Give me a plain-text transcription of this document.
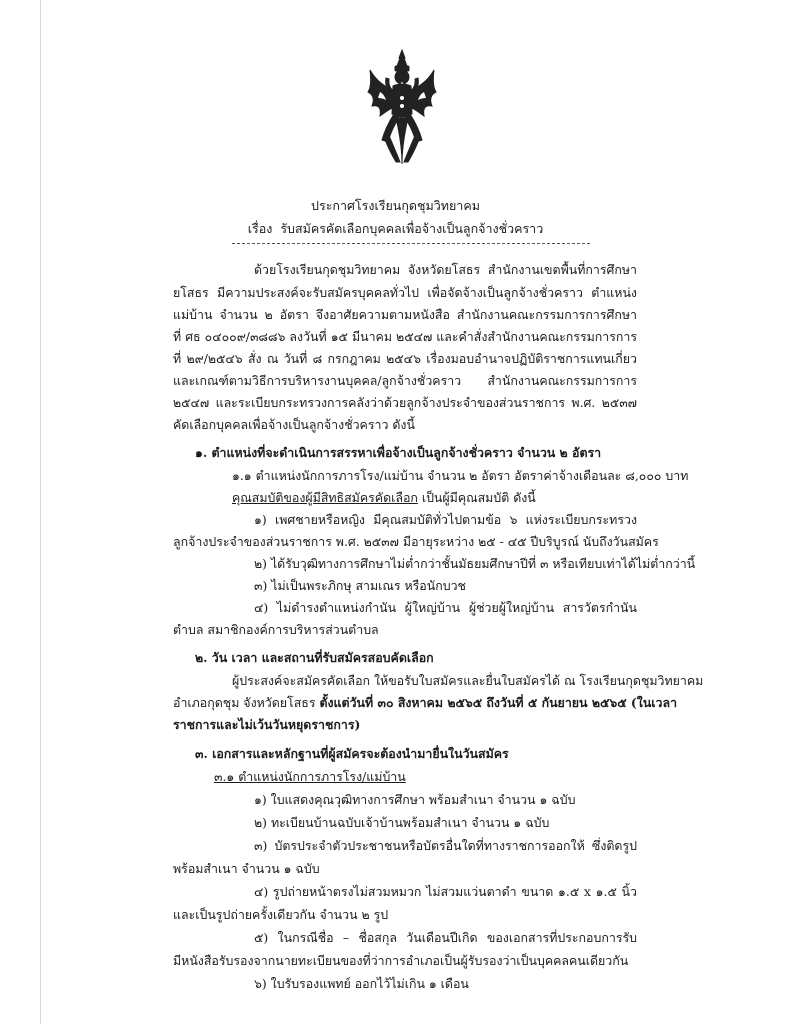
ประกาศโรงเรียนกุดชุมวิทยาคม
เรื่อง รับสมัครคัดเลือกบุคคลเพื่อจ้างเป็นลูกจ้างชั่วคราว
ด้วยโรงเรียนกุดชุมวิทยาคม จังหวัดยโสธร สำนักงานเขตพื้นที่การศึกษา
ยโสธร มีความประสงค์จะรับสมัครบุคคลทั่วไป เพื่อจัดจ้างเป็นลูกจ้างชั่วคราว ตำแหน่ง
แม่บ้าน จำนวน ๒ อัตรา จึงอาศัยความตามหนังสือ สำนักงานคณะกรรมการการศึกษา
ที่ ศธ ๐๔๐๐๙/๓๘๘๖ ลงวันที่ ๑๕ มีนาคม ๒๕๔๗ และคำสั่งสำนักงานคณะกรรมการการ
ที่ ๒๙/๒๕๔๖ สั่ง ณ วันที่ ๘ กรกฎาคม ๒๕๔๖ เรื่องมอบอำนาจปฏิบัติราชการแทนเกี่ยว
และเกณฑ์ตามวิธีการบริหารงานบุคคล/ลูกจ้างชั่วคราว สำนักงานคณะกรรมการการ
๒๕๔๗ และระเบียบกระทรวงการคลังว่าด้วยลูกจ้างประจำของส่วนราชการ พ.ศ. ๒๕๓๗
คัดเลือกบุคคลเพื่อจ้างเป็นลูกจ้างชั่วคราว ดังนี้
๑. ตำแหน่งที่จะดำเนินการสรรหาเพื่อจ้างเป็นลูกจ้างชั่วคราว จำนวน ๒ อัตรา
๑.๑ ตำแหน่งนักการภารโรง/แม่บ้าน จำนวน ๒ อัตรา อัตราค่าจ้างเดือนละ ๘,๐๐๐ บาท
คุณสมบัติของผู้มีสิทธิสมัครคัดเลือก เป็นผู้มีคุณสมบัติ ดังนี้
๑) เพศชายหรือหญิง มีคุณสมบัติทั่วไปตามข้อ ๖ แห่งระเบียบกระทรวง
ลูกจ้างประจำของส่วนราชการ พ.ศ. ๒๕๓๗ มีอายุระหว่าง ๒๕ - ๔๕ ปีบริบูรณ์ นับถึงวันสมัคร
๒) ได้รับวุฒิทางการศึกษาไม่ต่ำกว่าชั้นมัธยมศึกษาปีที่ ๓ หรือเทียบเท่าได้ไม่ต่ำกว่านี้
๓) ไม่เป็นพระภิกษุ สามเณร หรือนักบวช
๔) ไม่ดำรงตำแหน่งกำนัน ผู้ใหญ่บ้าน ผู้ช่วยผู้ใหญ่บ้าน สารวัตรกำนัน
ตำบล สมาชิกองค์การบริหารส่วนตำบล
๒. วัน เวลา และสถานที่รับสมัครสอบคัดเลือก
ผู้ประสงค์จะสมัครคัดเลือก ให้ขอรับใบสมัครและยื่นใบสมัครได้ ณ โรงเรียนกุดชุมวิทยาคม
อำเภอกุดชุม จังหวัดยโสธร ตั้งแต่วันที่ ๓๐ สิงหาคม ๒๕๖๕ ถึงวันที่ ๕ กันยายน ๒๕๖๕ (ในเวลา
ราชการและไม่เว้นวันหยุดราชการ)
๓. เอกสารและหลักฐานที่ผู้สมัครจะต้องนำมายื่นในวันสมัคร
๓.๑ ตำแหน่งนักการภารโรง/แม่บ้าน
๑) ใบแสดงคุณวุฒิทางการศึกษา พร้อมสำเนา จำนวน ๑ ฉบับ
๒) ทะเบียนบ้านฉบับเจ้าบ้านพร้อมสำเนา จำนวน ๑ ฉบับ
๓) บัตรประจำตัวประชาชนหรือบัตรอื่นใดที่ทางราชการออกให้ ซึ่งติดรูป
พร้อมสำเนา จำนวน ๑ ฉบับ
๔) รูปถ่ายหน้าตรงไม่สวมหมวก ไม่สวมแว่นตาดำ ขนาด ๑.๕ x ๑.๕ นิ้ว
และเป็นรูปถ่ายครั้งเดียวกัน จำนวน ๒ รูป
๕) ในกรณีชื่อ – ชื่อสกุล วันเดือนปีเกิด ของเอกสารที่ประกอบการรับ
มีหนังสือรับรองจากนายทะเบียนของที่ว่าการอำเภอเป็นผู้รับรองว่าเป็นบุคคลคนเดียวกัน
๖) ใบรับรองแพทย์ ออกไว้ไม่เกิน ๑ เดือน
